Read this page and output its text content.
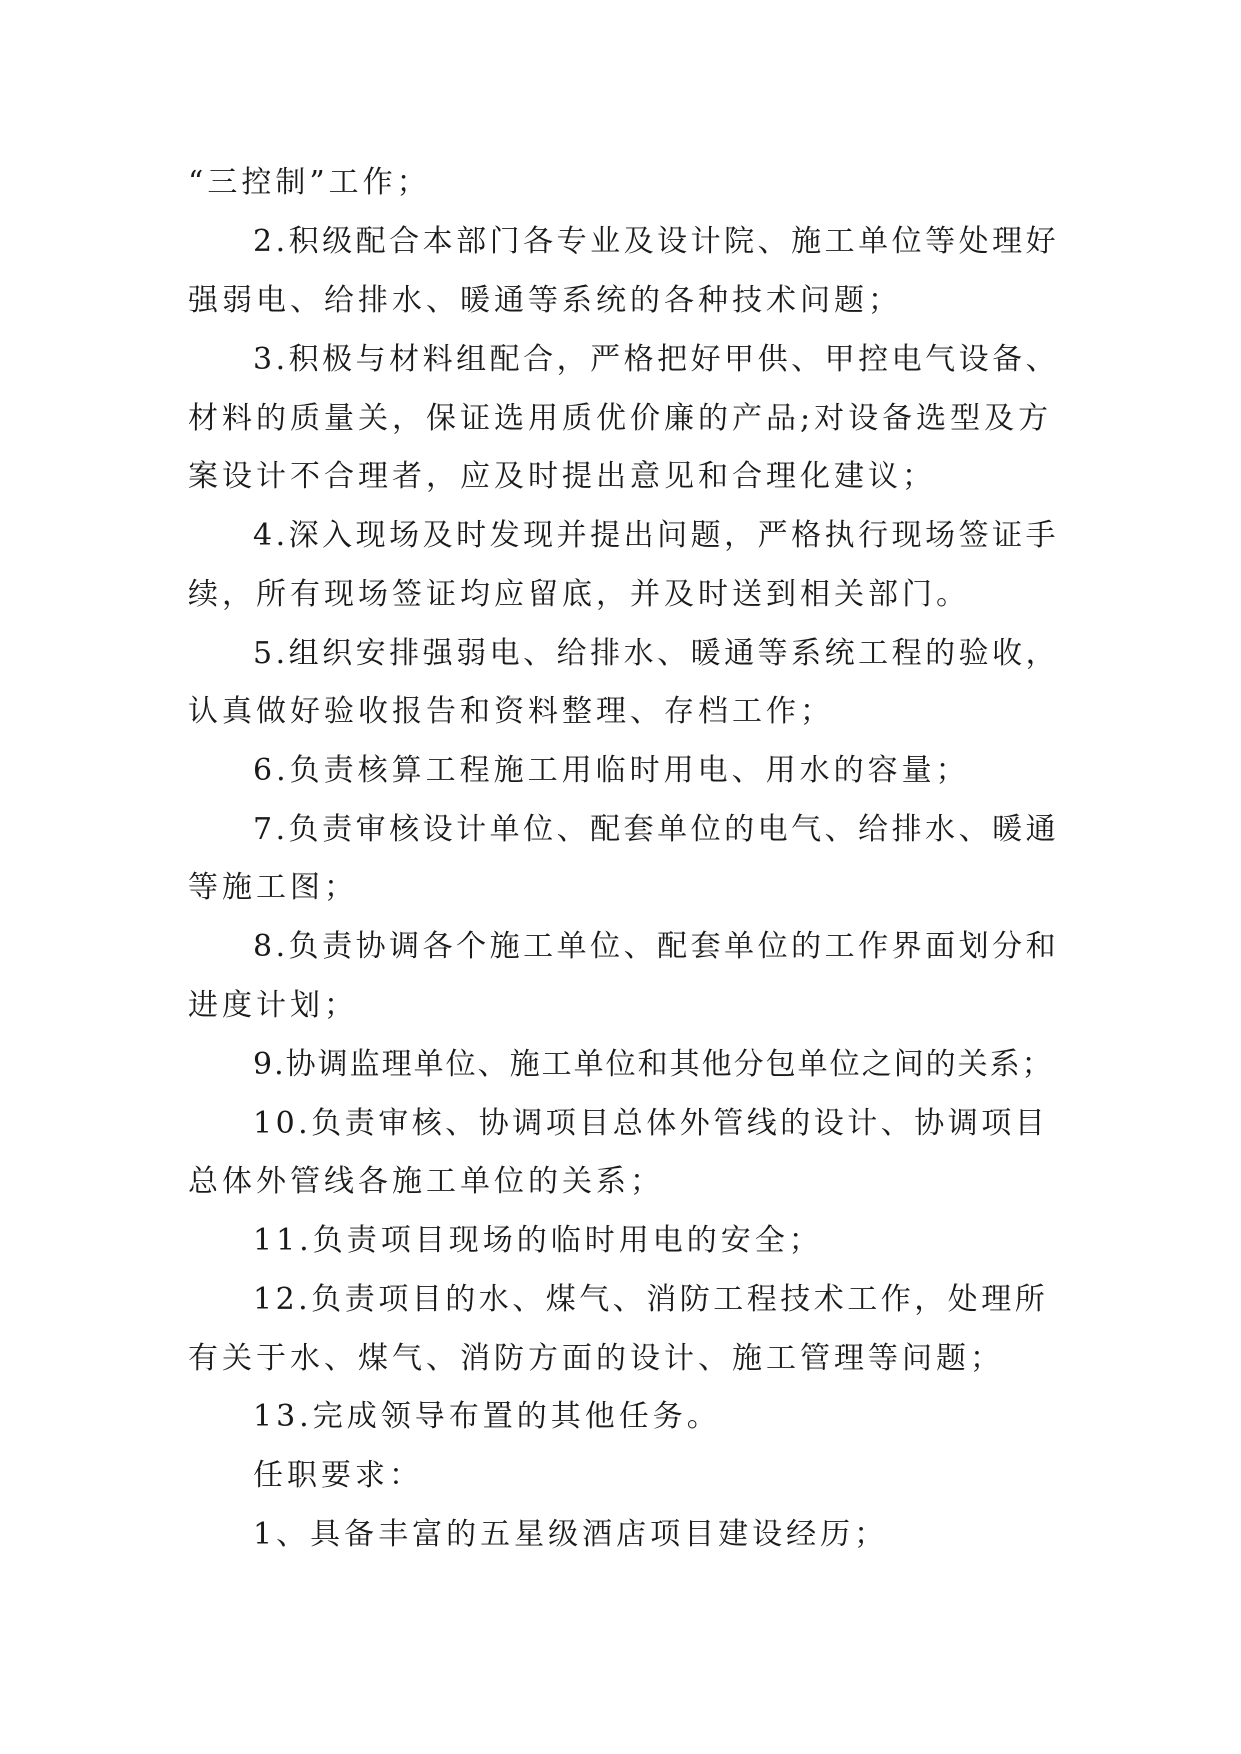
“三控制”工作；
2.积级配合本部门各专业及设计院、施工单位等处理好
强弱电、给排水、暖通等系统的各种技术问题；
3.积极与材料组配合，严格把好甲供、甲控电气设备、
材料的质量关，保证选用质优价廉的产品;对设备选型及方
案设计不合理者，应及时提出意见和合理化建议；
4.深入现场及时发现并提出问题，严格执行现场签证手
续，所有现场签证均应留底，并及时送到相关部门。
5.组织安排强弱电、给排水、暖通等系统工程的验收，
认真做好验收报告和资料整理、存档工作；
6.负责核算工程施工用临时用电、用水的容量；
7.负责审核设计单位、配套单位的电气、给排水、暖通
等施工图；
8.负责协调各个施工单位、配套单位的工作界面划分和
进度计划；
9.协调监理单位、施工单位和其他分包单位之间的关系；
10.负责审核、协调项目总体外管线的设计、协调项目
总体外管线各施工单位的关系；
11.负责项目现场的临时用电的安全；
12.负责项目的水、煤气、消防工程技术工作，处理所
有关于水、煤气、消防方面的设计、施工管理等问题；
13.完成领导布置的其他任务。
任职要求：
1、具备丰富的五星级酒店项目建设经历；
